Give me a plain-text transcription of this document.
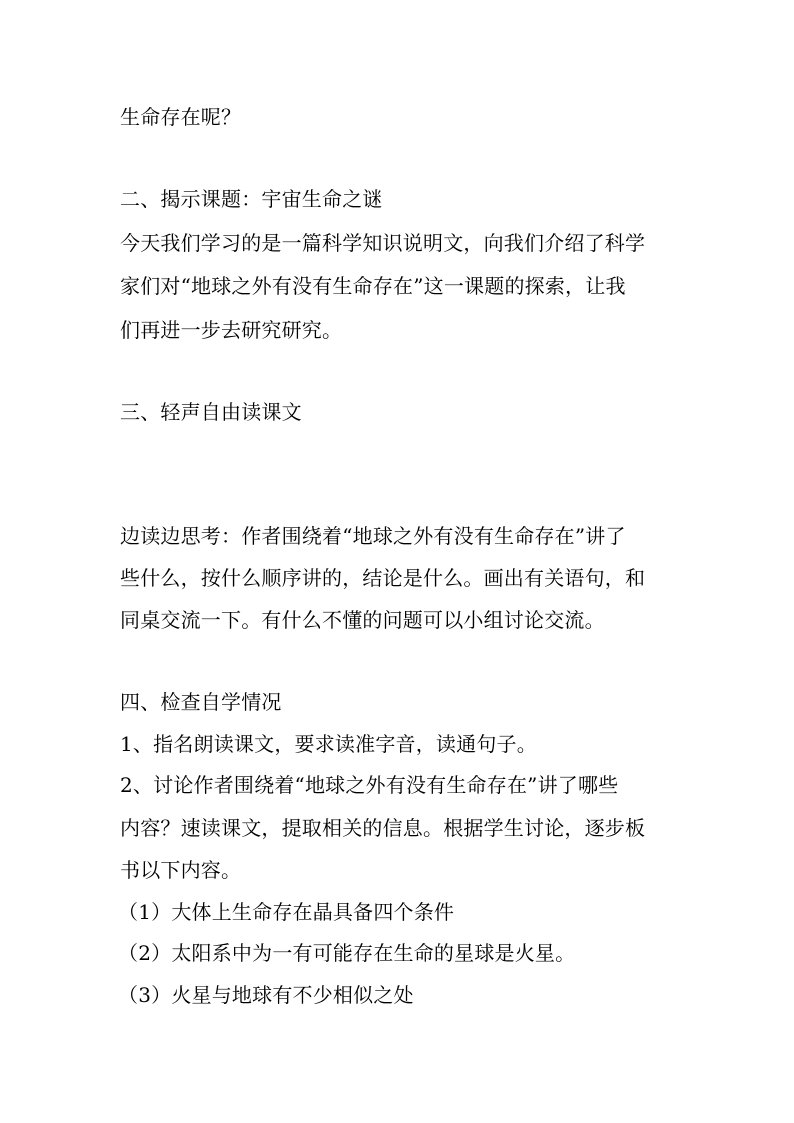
生命存在呢？
二、揭示课题：宇宙生命之谜
今天我们学习的是一篇科学知识说明文，向我们介绍了科学
家们对“地球之外有没有生命存在”这一课题的探索，让我
们再进一步去研究研究。
三、轻声自由读课文
边读边思考：作者围绕着“地球之外有没有生命存在”讲了
些什么，按什么顺序讲的，结论是什么。画出有关语句，和
同桌交流一下。有什么不懂的问题可以小组讨论交流。
四、检查自学情况
1、指名朗读课文，要求读准字音，读通句子。
2、讨论作者围绕着“地球之外有没有生命存在”讲了哪些
内容？速读课文，提取相关的信息。根据学生讨论，逐步板
书以下内容。
（1）大体上生命存在晶具备四个条件
（2）太阳系中为一有可能存在生命的星球是火星。
（3）火星与地球有不少相似之处
